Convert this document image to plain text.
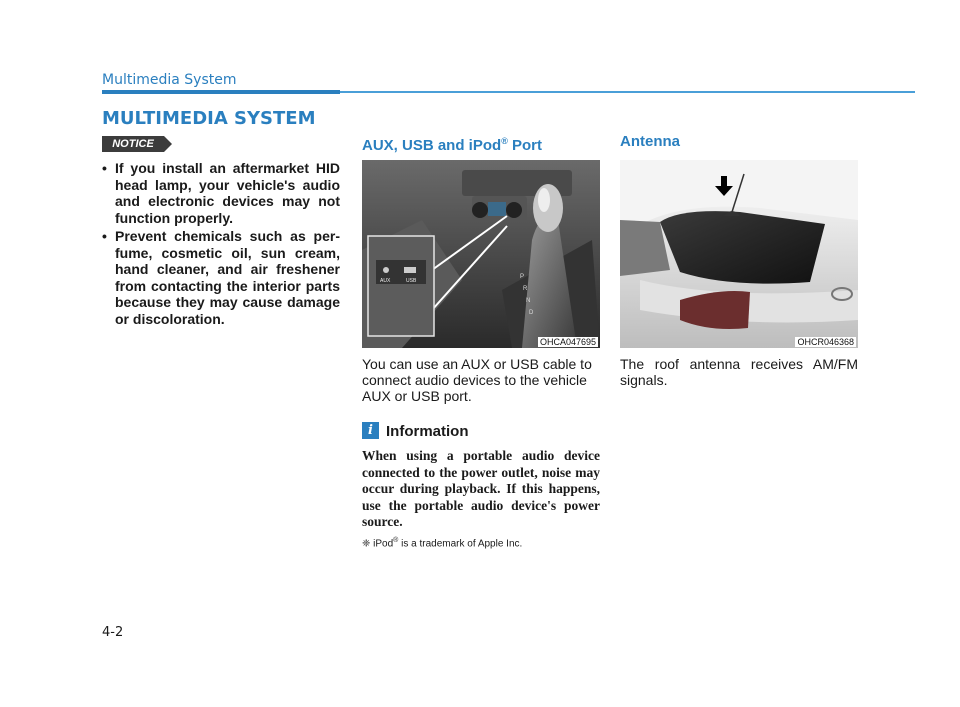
Multimedia System
MULTIMEDIA SYSTEM
NOTICE
• If you install an aftermarket HID head lamp, your vehicle's audio and electronic devices may not function properly.
• Prevent chemicals such as per-fume, cosmetic oil, sun cream, hand cleaner, and air freshener from contacting the interior parts because they may cause damage or discoloration.
AUX, USB and iPod® Port
AUX	USB
P
R
N
D
OHCA047695
You can use an AUX or USB cable to connect audio devices to the vehicle AUX or USB port.
i Information
When using a portable audio device connected to the power outlet, noise may occur during playback. If this happens, use the portable audio device's power source.
❈ iPod® is a trademark of Apple Inc.
Antenna
OHCR046368
The roof antenna receives AM/FM signals.
4-2
